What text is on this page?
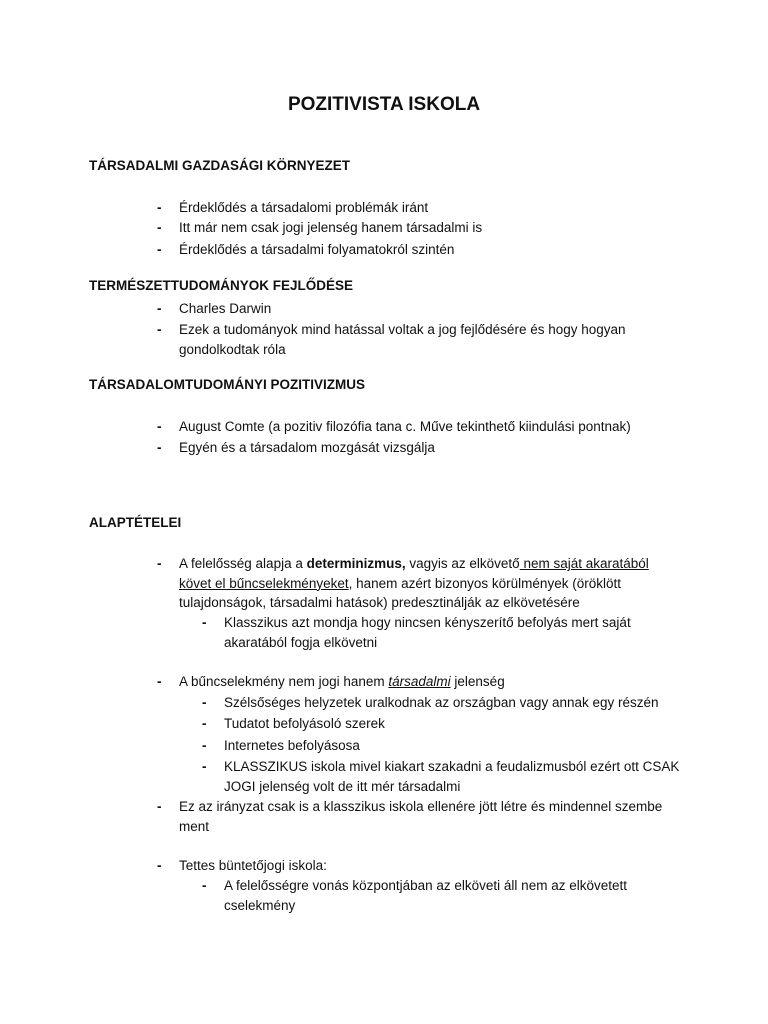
POZITIVISTA ISKOLA
TÁRSADALMI GAZDASÁGI KÖRNYEZET
- Érdeklődés a társadalomi problémák iránt

- Itt már nem csak jogi jelenség hanem társadalmi is

- Érdeklődés a társadalmi folyamatokról szintén

TERMÉSZETTUDOMÁNYOK FEJLŐDÉSE
- Charles Darwin

- Ezek a tudományok mind hatással voltak a jog fejlődésére és hogy hogyan gondolkodtak róla

TÁRSADALOMTUDOMÁNYI POZITIVIZMUS
- August Comte (a pozitiv filozófia tana c. Műve tekinthető kiindulási pontnak)

- Egyén és a társadalom mozgását vizsgálja

ALAPTÉTELEI
- A felelősség alapja a determinizmus, vagyis az elkövető nem saját akaratából követ el bűncselekményeket, hanem azért bizonyos körülmények (öröklött tulajdonságok, társadalmi hatások) predesztinálják az elkövetésére

- Klasszikus azt mondja hogy nincsen kényszerítő befolyás mert saját akaratából fogja elkövetni

- A bűncselekmény nem jogi hanem társadalmi jelenség

- Szélsőséges helyzetek uralkodnak az országban vagy annak egy részén

- Tudatot befolyásoló szerek

- Internetes befolyásosa

- KLASSZIKUS iskola mivel kiakart szakadni a feudalizmusból ezért ott CSAK JOGI jelenség volt de itt mér társadalmi

- Ez az irányzat csak is a klasszikus iskola ellenére jött létre és mindennel szembe ment

- Tettes büntetőjogi iskola:

- A felelősségre vonás központjában az elköveti áll nem az elkövetett cselekmény
